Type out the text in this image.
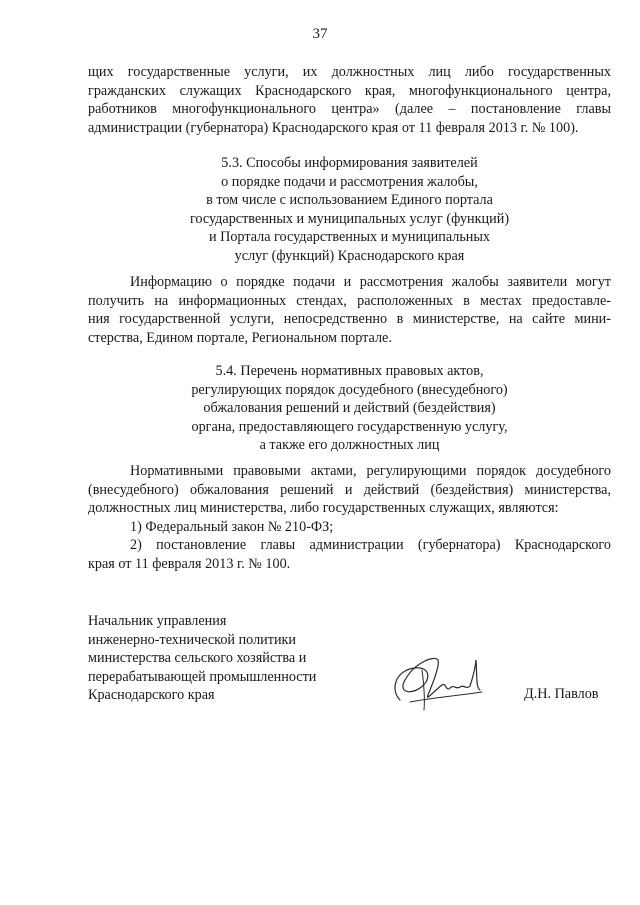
37
щих государственные услуги, их должностных лиц либо государственных
гражданских служащих Краснодарского края, многофункционального центра,
работников многофункционального центра» (далее – постановление главы
администрации (губернатора) Краснодарского края от 11 февраля 2013 г. № 100).
5.3. Способы информирования заявителей
о порядке подачи и рассмотрения жалобы,
в том числе с использованием Единого портала
государственных и муниципальных услуг (функций)
и Портала государственных и муниципальных
услуг (функций) Краснодарского края
Информацию о порядке подачи и рассмотрения жалобы заявители могут
получить на информационных стендах, расположенных в местах предоставле-
ния государственной услуги, непосредственно в министерстве, на сайте мини-
стерства, Едином портале, Региональном портале.
5.4. Перечень нормативных правовых актов,
регулирующих порядок досудебного (внесудебного)
обжалования решений и действий (бездействия)
органа, предоставляющего государственную услугу,
а также его должностных лиц
Нормативными правовыми актами, регулирующими порядок досудебного
(внесудебного) обжалования решений и действий (бездействия) министерства,
должностных лиц министерства, либо государственных служащих, являются:
1) Федеральный закон № 210-ФЗ;
2) постановление главы администрации (губернатора) Краснодарского
края от 11 февраля 2013 г. № 100.
Начальник управления
инженерно-технической политики
министерства сельского хозяйства и
перерабатывающей промышленности
Краснодарского края	Д.Н. Павлов
